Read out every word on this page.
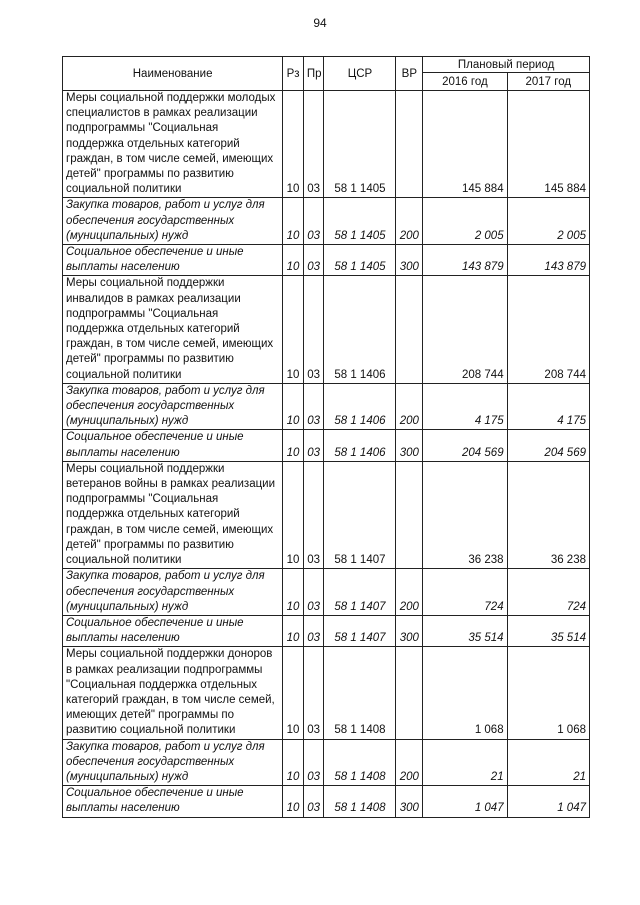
94
Наименование	Рз	Пр	ЦСР	ВР	Плановый период	
					2016 год	2017 год
Меры социальной поддержки молодых специалистов в рамках реализации подпрограммы "Социальная поддержка отдельных категорий граждан, в том числе семей, имеющих детей" программы по развитию социальной политики	10	03	58 1 1405		145 884	145 884
Закупка товаров, работ и услуг для обеспечения государственных (муниципальных) нужд	10	03	58 1 1405	200	2 005	2 005
Социальное обеспечение и иные выплаты населению	10	03	58 1 1405	300	143 879	143 879
Меры социальной поддержки инвалидов в рамках реализации подпрограммы "Социальная поддержка отдельных категорий граждан, в том числе семей, имеющих детей" программы по развитию социальной политики	10	03	58 1 1406		208 744	208 744
Закупка товаров, работ и услуг для обеспечения государственных (муниципальных) нужд	10	03	58 1 1406	200	4 175	4 175
Социальное обеспечение и иные выплаты населению	10	03	58 1 1406	300	204 569	204 569
Меры социальной поддержки ветеранов войны в рамках реализации подпрограммы "Социальная поддержка отдельных категорий граждан, в том числе семей, имеющих детей" программы по развитию социальной политики	10	03	58 1 1407		36 238	36 238
Закупка товаров, работ и услуг для обеспечения государственных (муниципальных) нужд	10	03	58 1 1407	200	724	724
Социальное обеспечение и иные выплаты населению	10	03	58 1 1407	300	35 514	35 514
Меры социальной поддержки доноров в рамках реализации подпрограммы "Социальная поддержка отдельных категорий граждан, в том числе семей, имеющих детей" программы по развитию социальной политики	10	03	58 1 1408		1 068	1 068
Закупка товаров, работ и услуг для обеспечения государственных (муниципальных) нужд	10	03	58 1 1408	200	21	21
Социальное обеспечение и иные выплаты населению	10	03	58 1 1408	300	1 047	1 047
